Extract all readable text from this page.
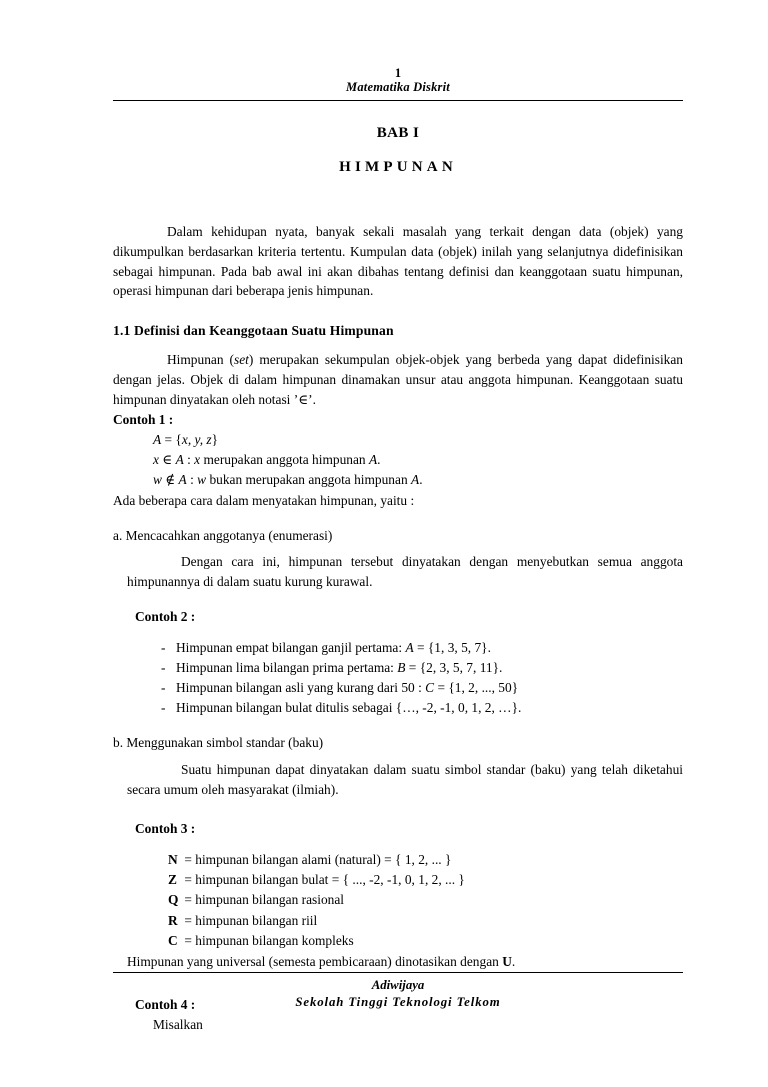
1
Matematika Diskrit
BAB I
HIMPUNAN

Dalam kehidupan nyata, banyak sekali masalah yang terkait dengan data (objek) yang dikumpulkan berdasarkan kriteria tertentu. Kumpulan data (objek) inilah yang selanjutnya didefinisikan sebagai himpunan. Pada bab awal ini akan dibahas tentang definisi dan keanggotaan suatu himpunan, operasi himpunan dari beberapa jenis himpunan.

1.1 Definisi dan Keanggotaan Suatu Himpunan

Himpunan (set) merupakan sekumpulan objek-objek yang berbeda yang dapat didefinisikan dengan jelas. Objek di dalam himpunan dinamakan unsur atau anggota himpunan. Keanggotaan suatu himpunan dinyatakan oleh notasi ’∈’.

Contoh 1 :
A = {x, y, z}
x ∈ A : x merupakan anggota himpunan A.
w ∉ A : w bukan merupakan anggota himpunan A.
Ada beberapa cara dalam menyatakan himpunan, yaitu :
a. Mencacahkan anggotanya (enumerasi)

Dengan cara ini, himpunan tersebut dinyatakan dengan menyebutkan semua anggota himpunannya di dalam suatu kurung kurawal.

Contoh 2 :
- Himpunan empat bilangan ganjil pertama: A = {1, 3, 5, 7}.
- Himpunan lima bilangan prima pertama: B = {2, 3, 5, 7, 11}.
- Himpunan bilangan asli yang kurang dari 50 : C = {1, 2, ..., 50}
- Himpunan bilangan bulat ditulis sebagai {…, -2, -1, 0, 1, 2, …}.
b. Menggunakan simbol standar (baku)

Suatu himpunan dapat dinyatakan dalam suatu simbol standar (baku) yang telah diketahui secara umum oleh masyarakat (ilmiah).

Contoh 3 :
N = himpunan bilangan alami (natural) = { 1, 2, ... }
Z = himpunan bilangan bulat = { ..., -2, -1, 0, 1, 2, ... }
Q = himpunan bilangan rasional
R = himpunan bilangan riil
C = himpunan bilangan kompleks
Himpunan yang universal (semesta pembicaraan) dinotasikan dengan U.
Contoh 4 :
Misalkan
Adiwijaya
Sekolah Tinggi Teknologi Telkom
